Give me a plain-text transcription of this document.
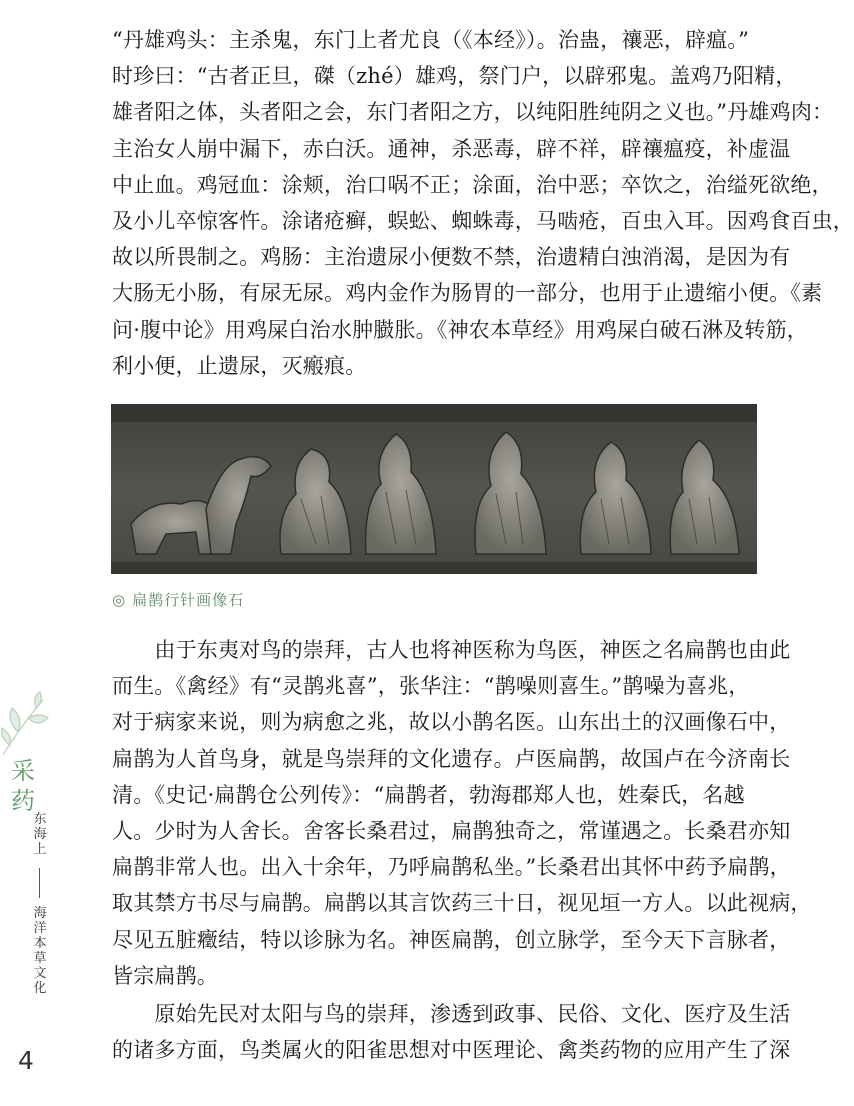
“丹雄鸡头：主杀鬼，东门上者尤良（《本经》）。治蛊，禳恶，辟瘟。”
时珍曰：“古者正旦，磔（zhé）雄鸡，祭门户，以辟邪鬼。盖鸡乃阳精，
雄者阳之体，头者阳之会，东门者阳之方，以纯阳胜纯阴之义也。”丹雄鸡肉：
主治女人崩中漏下，赤白沃。通神，杀恶毒，辟不祥，辟禳瘟疫，补虚温
中止血。鸡冠血：涂颊，治口㖞不正；涂面，治中恶；卒饮之，治缢死欲绝，
及小儿卒惊客忤。涂诸疮癣，蜈蚣、蜘蛛毒，马啮疮，百虫入耳。因鸡食百虫，
故以所畏制之。鸡肠：主治遗尿小便数不禁，治遗精白浊消渴，是因为有
大肠无小肠，有尿无尿。鸡内金作为肠胃的一部分，也用于止遗缩小便。《素
问·腹中论》用鸡屎白治水肿臌胀。《神农本草经》用鸡屎白破石淋及转筋，
利小便，止遗尿，灭瘢痕。
◎ 扁鹊行针画像石
　　由于东夷对鸟的崇拜，古人也将神医称为鸟医，神医之名扁鹊也由此
而生。《禽经》有“灵鹊兆喜”，张华注：“鹊噪则喜生。”鹊噪为喜兆，
对于病家来说，则为病愈之兆，故以小鹊名医。山东出土的汉画像石中，
扁鹊为人首鸟身，就是鸟崇拜的文化遗存。卢医扁鹊，故国卢在今济南长
清。《史记·扁鹊仓公列传》：“扁鹊者，勃海郡郑人也，姓秦氏，名越
人。少时为人舍长。舍客长桑君过，扁鹊独奇之，常谨遇之。长桑君亦知
扁鹊非常人也。出入十余年，乃呼扁鹊私坐。”长桑君出其怀中药予扁鹊，
取其禁方书尽与扁鹊。扁鹊以其言饮药三十日，视见垣一方人。以此视病，
尽见五脏癥结，特以诊脉为名。神医扁鹊，创立脉学，至今天下言脉者，
皆宗扁鹊。
　　原始先民对太阳与鸟的崇拜，渗透到政事、民俗、文化、医疗及生活
的诸多方面，鸟类属火的阳雀思想对中医理论、禽类药物的应用产生了深
采
药
东
海
上
海
洋
本
草
文
化
4
